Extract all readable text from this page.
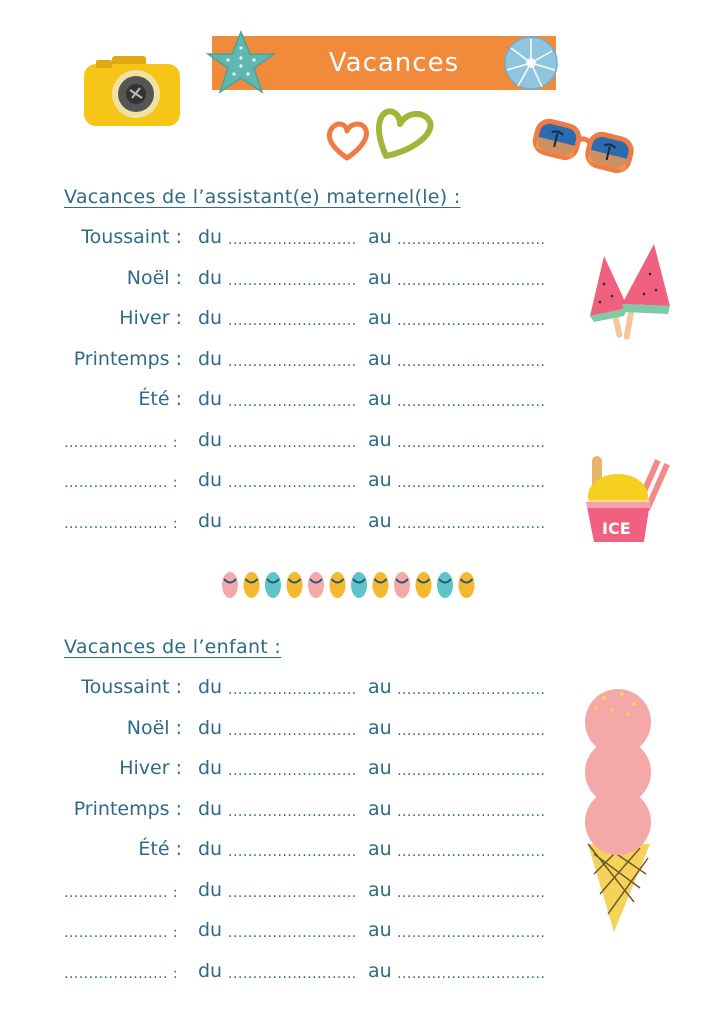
Vacances
Vacances de l’assistant(e) maternel(le) :
Toussaint : du .......................... au ..............................
Noël : du .......................... au ..............................
Hiver : du .......................... au ..............................
Printemps : du .......................... au ..............................
Été : du .......................... au ..............................
..................... : du .......................... au ..............................
..................... : du .......................... au ..............................
..................... : du .......................... au ..............................	ICE
Vacances de l’enfant :
Toussaint : du .......................... au ..............................
Noël : du .......................... au ..............................
Hiver : du .......................... au ..............................
Printemps : du .......................... au ..............................
Été : du .......................... au ..............................
..................... : du .......................... au ..............................
..................... : du .......................... au ..............................
..................... : du .......................... au ..............................
